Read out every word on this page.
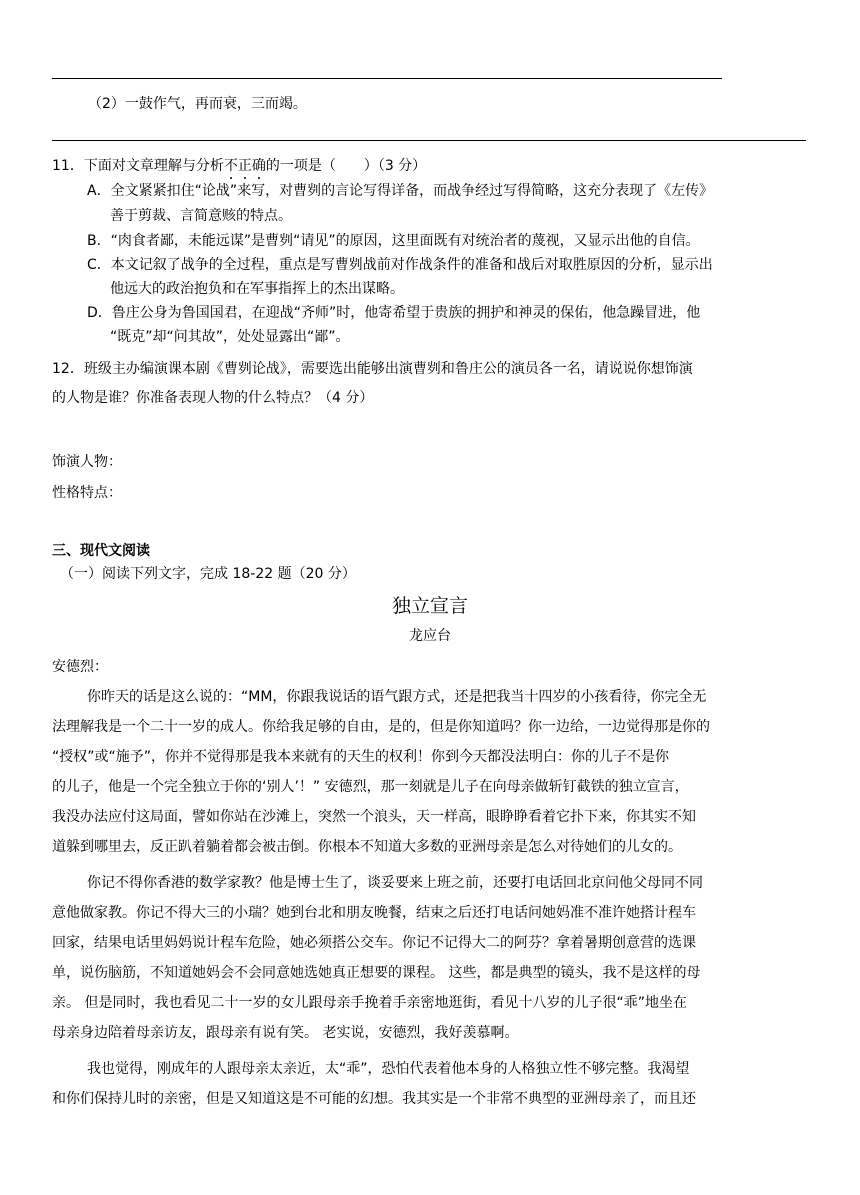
（2）一鼓作气，再而衰，三而竭。
11．下面对文章理解与分析不正确的一项是（　　）（3 分）
A．全文紧紧扣住“论战”来写，对曹刿的言论写得详备，而战争经过写得简略，这充分表现了《左传》
善于剪裁、言简意赅的特点。
B．“肉食者鄙，未能远谋”是曹刿“请见”的原因，这里面既有对统治者的蔑视，又显示出他的自信。
C．本文记叙了战争的全过程，重点是写曹刿战前对作战条件的准备和战后对取胜原因的分析，显示出
他远大的政治抱负和在军事指挥上的杰出谋略。
D．鲁庄公身为鲁国国君，在迎战“齐师”时，他寄希望于贵族的拥护和神灵的保佑，他急躁冒进，他
“既克”却“问其故”，处处显露出“鄙”。
12．班级主办编演课本剧《曹刿论战》，需要选出能够出演曹刿和鲁庄公的演员各一名，请说说你想饰演
的人物是谁？你准备表现人物的什么特点？（4 分）
饰演人物：
性格特点：
三、现代文阅读
（一）阅读下列文字，完成 18-22 题（20 分）
独立宣言
龙应台
安德烈：
你昨天的话是这么说的：“MM，你跟我说话的语气跟方式，还是把我当十四岁的小孩看待，你完全无
法理解我是一个二十一岁的成人。你给我足够的自由，是的，但是你知道吗？你一边给，一边觉得那是你的
“授权”或“施予”，你并不觉得那是我本来就有的天生的权利！你到今天都没法明白：你的儿子不是你
的儿子，他是一个完全独立于你的‘别人’！” 安德烈，那一刻就是儿子在向母亲做斩钉截铁的独立宣言，
我没办法应付这局面，譬如你站在沙滩上，突然一个浪头，天一样高，眼睁睁看着它扑下来，你其实不知
道躲到哪里去，反正趴着躺着都会被击倒。你根本不知道大多数的亚洲母亲是怎么对待她们的儿女的。
你记不得你香港的数学家教？他是博士生了，谈妥要来上班之前，还要打电话回北京问他父母同不同
意他做家教。你记不得大三的小瑞？她到台北和朋友晚餐，结束之后还打电话问她妈准不准许她搭计程车
回家，结果电话里妈妈说计程车危险，她必须搭公交车。你记不记得大二的阿芬？拿着暑期创意营的选课
单，说伤脑筋，不知道她妈会不会同意她选她真正想要的课程。 这些，都是典型的镜头，我不是这样的母
亲。 但是同时，我也看见二十一岁的女儿跟母亲手挽着手亲密地逛街，看见十八岁的儿子很“乖”地坐在
母亲身边陪着母亲访友，跟母亲有说有笑。 老实说，安德烈，我好羡慕啊。
我也觉得，刚成年的人跟母亲太亲近，太“乖”，恐怕代表着他本身的人格独立性不够完整。我渴望
和你们保持儿时的亲密，但是又知道这是不可能的幻想。我其实是一个非常不典型的亚洲母亲了，而且还
